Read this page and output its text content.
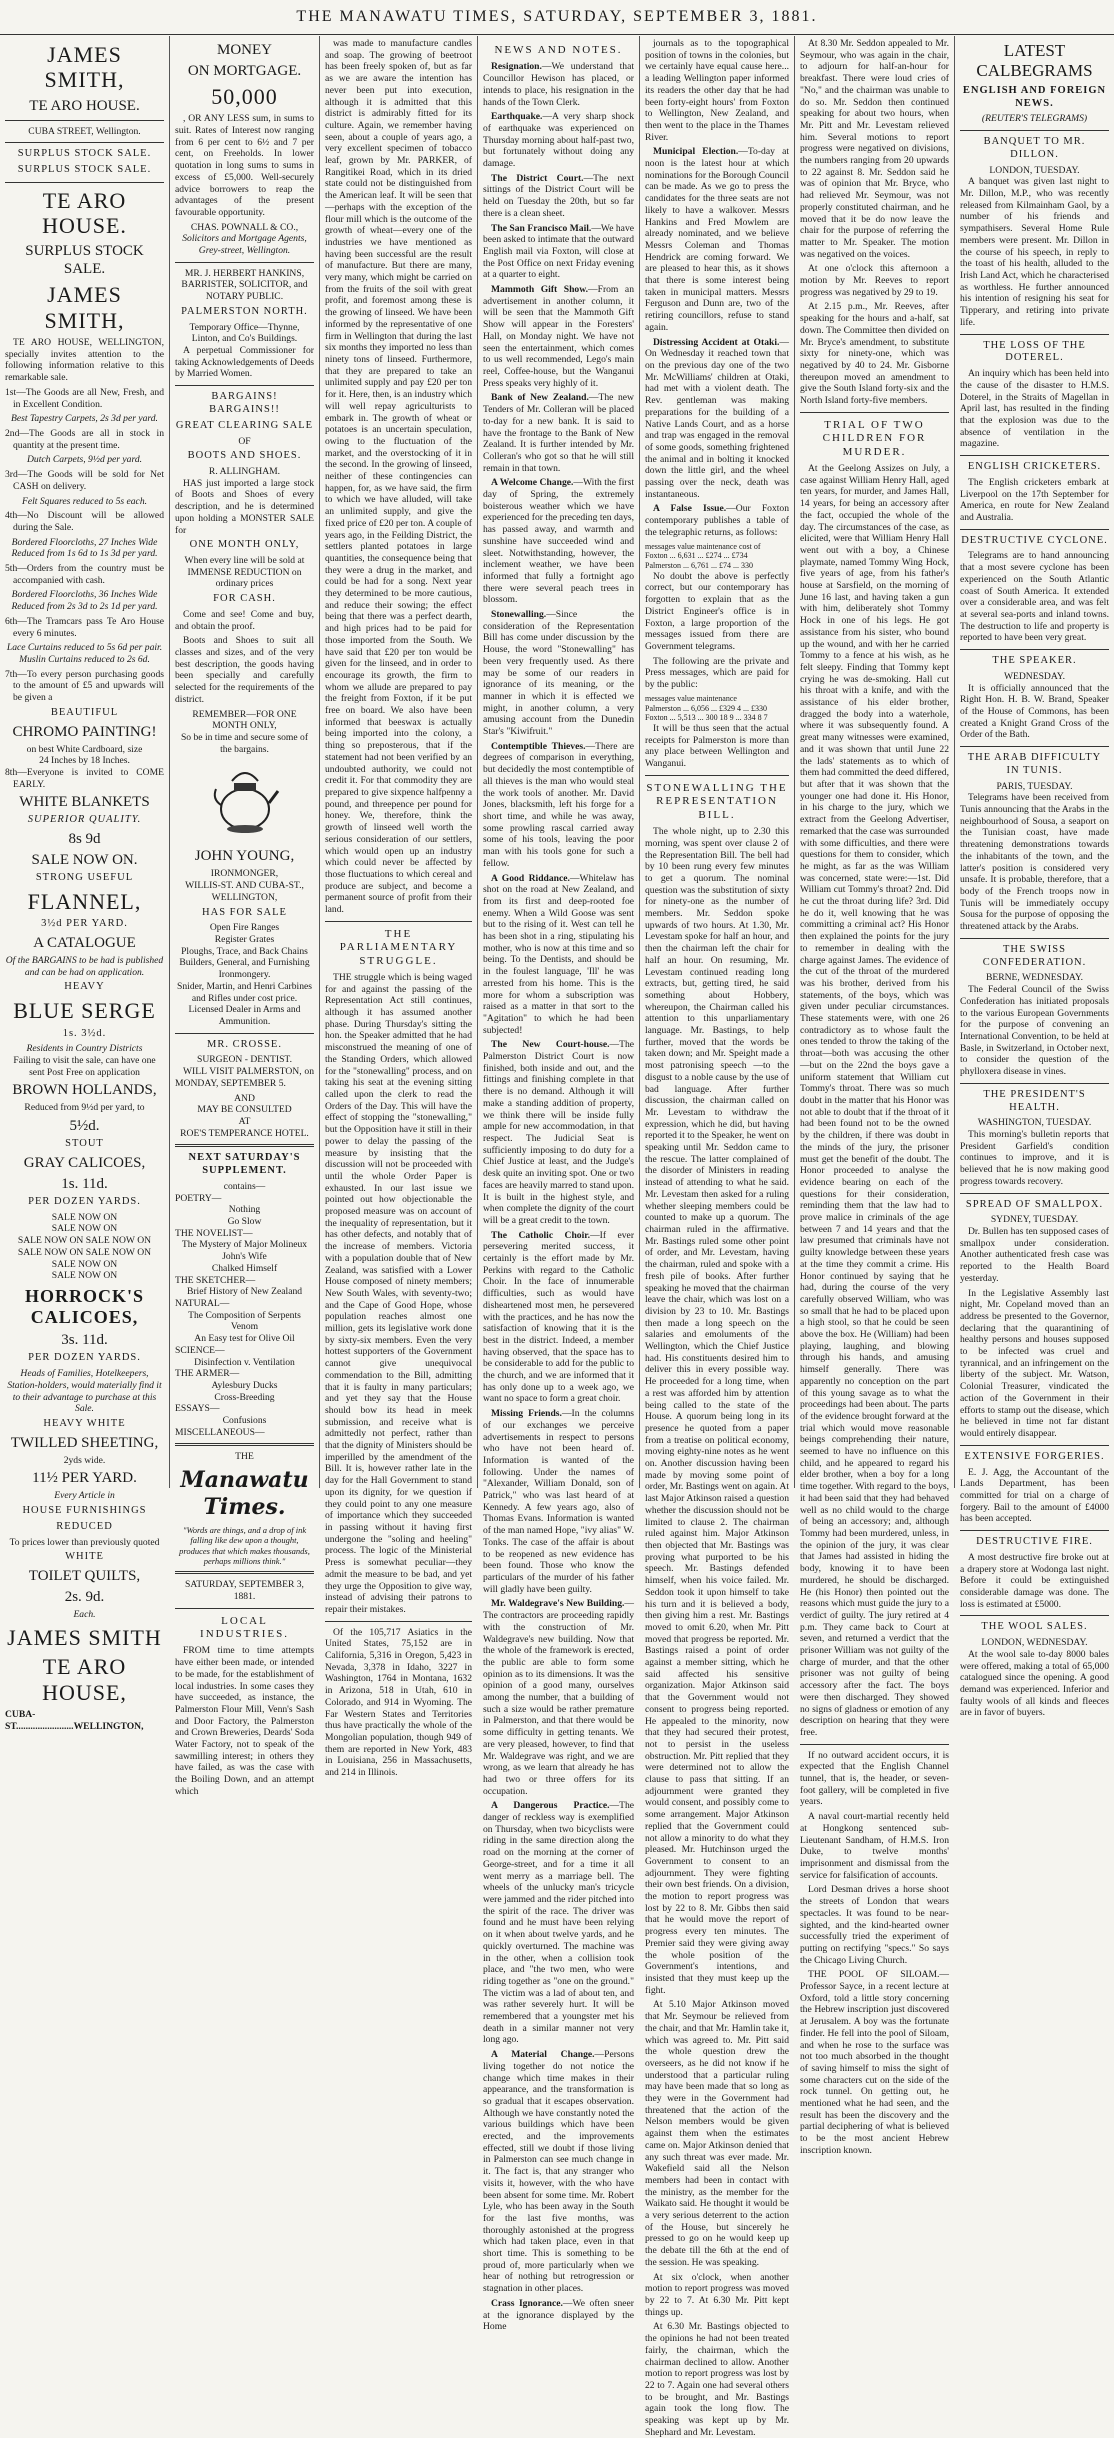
THE MANAWATU TIMES, SATURDAY, SEPTEMBER 3, 1881.
JAMES SMITH,
TE ARO HOUSE.
CUBA STREET, Wellington.
SURPLUS STOCK SALE.
SURPLUS STOCK SALE.
TE ARO HOUSE.
SURPLUS STOCK SALE.
JAMES SMITH,

TE ARO HOUSE, WELLINGTON, specially invites attention to the following information relative to this remarkable sale.

1st—The Goods are all New, Fresh, and in Excellent Condition.

Best Tapestry Carpets, 2s 3d per yard.

2nd—The Goods are all in stock in quantity at the present time.

Dutch Carpets, 9½d per yard.

3rd—The Goods will be sold for Net CASH on delivery.

Felt Squares reduced to 5s each.

4th—No Discount will be allowed during the Sale.

Bordered Floorcloths, 27 Inches Wide Reduced from 1s 6d to 1s 3d per yard.

5th—Orders from the country must be accompanied with cash.

Bordered Floorcloths, 36 Inches Wide Reduced from 2s 3d to 2s 1d per yard.

6th—The Tramcars pass Te Aro House every 6 minutes.

Lace Curtains reduced to 5s 6d per pair. Muslin Curtains reduced to 2s 6d.

7th—To every person purchasing goods to the amount of £5 and upwards will be given a

BEAUTIFUL
CHROMO PAINTING!
on best White Cardboard, size
24 Inches by 18 Inches.

8th—Everyone is invited to COME EARLY.

WHITE BLANKETS
SUPERIOR QUALITY.
8s 9d
SALE NOW ON.
STRONG USEFUL
FLANNEL,
3½d PER YARD.
A CATALOGUE
Of the BARGAINS to be had is published and can be had on application.
HEAVY
BLUE SERGE
1s. 3½d.
Residents in Country Districts
Failing to visit the sale, can have one sent Post Free on application
BROWN HOLLANDS,
Reduced from 9½d per yard, to
5½d.
STOUT
GRAY CALICOES,
1s. 11d.
PER DOZEN YARDS.
SALE NOW ON
SALE NOW ON
SALE NOW ON SALE NOW ON
SALE NOW ON SALE NOW ON
SALE NOW ON
SALE NOW ON
HORROCK'S CALICOES,
3s. 11d.
PER DOZEN YARDS.
Heads of Families, Hotelkeepers, Station-holders, would materially find it to their advantage to purchase at this Sale.
HEAVY WHITE
TWILLED SHEETING,
2yds wide.
11½ PER YARD.
Every Article in
HOUSE FURNISHINGS
REDUCED
To prices lower than previously quoted
WHITE
TOILET QUILTS,
2s. 9d.
Each.
JAMES SMITH
TE ARO HOUSE,
CUBA-ST........................WELLINGTON,
MONEY
ON MORTGAGE.
50,000

, OR ANY LESS sum, in sums to suit. Rates of Interest now ranging from 6 per cent to 6½ and 7 per cent, on Freeholds. In lower quotation in long sums to sums in excess of £5,000. Well-securely advice borrowers to reap the advantages of the present favourable opportunity.

CHAS. POWNALL & CO.,
Solicitors and Mortgage Agents, Grey-street, Wellington.
MR. J. HERBERT HANKINS,
BARRISTER, SOLICITOR, and NOTARY PUBLIC.
PALMERSTON NORTH.
Temporary Office—Thynne, Linton, and Co's Buildings.

A perpetual Commissioner for taking Acknowledgements of Deeds by Married Women.

BARGAINS! BARGAINS!!
GREAT CLEARING SALE
OF
BOOTS AND SHOES.
R. ALLINGHAM.

HAS just imported a large stock of Boots and Shoes of every description, and he is determined upon holding a MONSTER SALE for

ONE MONTH ONLY,
When every line will be sold at IMMENSE REDUCTION on ordinary prices
FOR CASH.

Come and see! Come and buy, and obtain the proof.

Boots and Shoes to suit all classes and sizes, and of the very best description, the goods having been specially and carefully selected for the requirements of the district.

REMEMBER—FOR ONE MONTH ONLY,
So be in time and secure some of the bargains.
JOHN YOUNG,
IRONMONGER,
WILLIS-ST. AND CUBA-ST.,
WELLINGTON,
HAS FOR SALE
Open Fire Ranges
Register Grates
Ploughs, Trace, and Back Chains
Builders, General, and Furnishing Ironmongery.
Snider, Martin, and Henri Carbines and Rifles under cost price.
Licensed Dealer in Arms and Ammunition.
MR. CROSSE.
SURGEON - DENTIST.

WILL VISIT PALMERSTON, on MONDAY, SEPTEMBER 5.

AND
MAY BE CONSULTED
AT
ROE'S TEMPERANCE HOTEL.
NEXT SATURDAY'S SUPPLEMENT.
contains—
POETRY—
Nothing
Go Slow
THE NOVELIST—
The Mystery of Major Molineux
John's Wife
Chalked Himself
THE SKETCHER—
Brief History of New Zealand
NATURAL—
The Composition of Serpents Venom
An Easy test for Olive Oil
SCIENCE—
Disinfection v. Ventilation
THE ARMER—
Aylesbury Ducks
Cross-Breeding
ESSAYS—
Confusions
MISCELLANEOUS—
THE
Manawatu Times.
"Words are things, and a drop of ink falling like dew upon a thought, produces that which makes thousands, perhaps millions think."
SATURDAY, SEPTEMBER 3, 1881.
LOCAL INDUSTRIES.

FROM time to time attempts have either been made, or intended to be made, for the establishment of local industries. In some cases they have succeeded, as instance, the Palmerston Flour Mill, Venn's Sash and Door Factory, the Palmerston and Crown Breweries, Deards' Soda Water Factory, not to speak of the sawmilling interest; in others they have failed, as was the case with the Boiling Down, and an attempt which

was made to manufacture candles and soap. The growing of beetroot has been freely spoken of, but as far as we are aware the intention has never been put into execution, although it is admitted that this district is admirably fitted for its culture. Again, we remember having seen, about a couple of years ago, a very excellent specimen of tobacco leaf, grown by Mr. PARKER, of Rangitikei Road, which in its dried state could not be distinguished from the American leaf. It will be seen that—perhaps with the exception of the flour mill which is the outcome of the growth of wheat—every one of the industries we have mentioned as having been successful are the result of manufacture. But there are many, very many, which might be carried on from the fruits of the soil with great profit, and foremost among these is the growing of linseed. We have been informed by the representative of one firm in Wellington that during the last six months they imported no less than ninety tons of linseed. Furthermore, that they are prepared to take an unlimited supply and pay £20 per ton for it. Here, then, is an industry which will well repay agriculturists to embark in. The growth of wheat or potatoes is an uncertain speculation, owing to the fluctuation of the market, and the overstocking of it in the second. In the growing of linseed, neither of these contingencies can happen, for, as we have said, the firm to which we have alluded, will take an unlimited supply, and give the fixed price of £20 per ton. A couple of years ago, in the Feilding District, the settlers planted potatoes in large quantities, the consequence being that they were a drug in the market, and could be had for a song. Next year they determined to be more cautious, and reduce their sowing; the effect being that there was a perfect dearth, and high prices had to be paid for those imported from the South. We have said that £20 per ton would be given for the linseed, and in order to encourage its growth, the firm to whom we allude are prepared to pay the freight from Foxton, if it be put free on board. We also have been informed that beeswax is actually being imported into the colony, a thing so preposterous, that if the statement had not been verified by an undoubted authority, we could not credit it. For that commodity they are prepared to give sixpence halfpenny a pound, and threepence per pound for honey. We, therefore, think the growth of linseed well worth the serious consideration of our settlers, which would open up an industry which could never be affected by those fluctuations to which cereal and produce are subject, and become a permanent source of profit from their land.

THE PARLIAMENTARY STRUGGLE.

THE struggle which is being waged for and against the passing of the Representation Act still continues, although it has assumed another phase. During Thursday's sitting the hon. the Speaker admitted that he had misconstrued the meaning of one of the Standing Orders, which allowed for the "stonewalling" process, and on taking his seat at the evening sitting called upon the clerk to read the Orders of the Day. This will have the effect of stopping the "stonewalling," but the Opposition have it still in their power to delay the passing of the measure by insisting that the discussion will not be proceeded with until the whole Order Paper is exhausted. In our last issue we pointed out how objectionable the proposed measure was on account of the inequality of representation, but it has other defects, and notably that of the increase of members. Victoria with a population double that of New Zealand, was satisfied with a Lower House composed of ninety members; New South Wales, with seventy-two; and the Cape of Good Hope, whose population reaches almost one million, gets its legislative work done by sixty-six members. Even the very hottest supporters of the Government cannot give unequivocal commendation to the Bill, admitting that it is faulty in many particulars; and yet they say that the House should bow its head in meek submission, and receive what is admittedly not perfect, rather than that the dignity of Ministers should be imperilled by the amendment of the Bill. It is, however rather late in the day for the Hall Government to stand upon its dignity, for we question if they could point to any one measure of importance which they succeeded in passing without it having first undergone the "soling and heeling" process. The logic of the Ministerial Press is somewhat peculiar—they admit the measure to be bad, and yet they urge the Opposition to give way, instead of advising their patrons to repair their mistakes.

Of the 105,717 Asiatics in the United States, 75,152 are in California, 5,316 in Oregon, 5,423 in Nevada, 3,378 in Idaho, 3227 in Washington, 1764 in Montana, 1632 in Arizona, 518 in Utah, 610 in Colorado, and 914 in Wyoming. The Far Western States and Territories thus have practically the whole of the Mongolian population, though 949 of them are reported in New York, 483 in Louisiana, 256 in Massachusetts, and 214 in Illinois.

NEWS AND NOTES.

Resignation.—We understand that Councillor Hewison has placed, or intends to place, his resignation in the hands of the Town Clerk.

Earthquake.—A very sharp shock of earthquake was experienced on Thursday morning about half-past two, but fortunately without doing any damage.

The District Court.—The next sittings of the District Court will be held on Tuesday the 20th, but so far there is a clean sheet.

The San Francisco Mail.—We have been asked to intimate that the outward English mail via Foxton, will close at the Post Office on next Friday evening at a quarter to eight.

Mammoth Gift Show.—From an advertisement in another column, it will be seen that the Mammoth Gift Show will appear in the Foresters' Hall, on Monday night. We have not seen the entertainment, which comes to us well recommended, Lego's main reel, Coffee-house, but the Wanganui Press speaks very highly of it.

Bank of New Zealand.—The new Tenders of Mr. Colleran will be placed to-day for a new bank. It is said to have the frontage to the Bank of New Zealand. It is further intended by Mr. Colleran's who got so that he will still remain in that town.

A Welcome Change.—With the first day of Spring, the extremely boisterous weather which we have experienced for the preceding ten days, has passed away, and warmth and sunshine have succeeded wind and sleet. Notwithstanding, however, the inclement weather, we have been informed that fully a fortnight ago there were several peach trees in blossom.

Stonewalling.—Since the consideration of the Representation Bill has come under discussion by the House, the word "Stonewalling" has been very frequently used. As there may be some of our readers in ignorance of its meaning, or the manner in which it is effected we might, in another column, a very amusing account from the Dunedin Star's "Kiwifruit."

Contemptible Thieves.—There are degrees of comparison in everything, but decidedly the most contemptible of all thieves is the man who would steal the work tools of another. Mr. David Jones, blacksmith, left his forge for a short time, and while he was away, some prowling rascal carried away some of his tools, leaving the poor man with his tools gone for such a fellow.

A Good Riddance.—Whitelaw has shot on the road at New Zealand, and from its first and deep-rooted foe enemy. When a Wild Goose was sent but to the rising of it. West can tell he has been shot in a ring, stipulating his mother, who is now at this time and so being. To the Dentists, and should be in the foulest language, 'Ill' he was arrested from his home. This is the more for whom a subscription was raised as a matter in that sort to the "Agitation" to which he had been subjected!

The New Court-house.—The Palmerston District Court is now finished, both inside and out, and the fittings and finishing complete in that there is no demand. Although it will make a standing addition of property, we think there will be inside fully ample for new accommodation, in that respect. The Judicial Seat is sufficiently imposing to do duty for a Chief Justice at least, and the Judge's desk quite an inviting spot. One or two faces are heavily marred to stand upon. It is built in the highest style, and when complete the dignity of the court will be a great credit to the town.

The Catholic Choir.—If ever persevering merited success, it certainly is the effort made by Mr. Perkins with regard to the Catholic Choir. In the face of innumerable difficulties, such as would have disheartened most men, he persevered with the practices, and he has now the satisfaction of knowing that it is the best in the district. Indeed, a member having observed, that the space has to be considerable to add for the public to the church, and we are informed that it has only done up to a week ago, we want no space to form a great choir.

Missing Friends.—In the columns of our exchanges we perceive advertisements in respect to persons who have not been heard of. Information is wanted of the following. Under the names of "Alexander, William Donald, son of Patrick," who was last heard of at Kennedy. A few years ago, also of Thomas Evans. Information is wanted of the man named Hope, "ivy alias" W. Tonks. The case of the affair is about to be reopened as new evidence has been found. Those who know the particulars of the murder of his father will gladly have been guilty.

Mr. Waldegrave's New Building.—The contractors are proceeding rapidly with the construction of Mr. Waldegrave's new building. Now that the whole of the framework is erected, the public are able to form some opinion as to its dimensions. It was the opinion of a good many, ourselves among the number, that a building of such a size would be rather premature in Palmerston, and that there would be some difficulty in getting tenants. We are very pleased, however, to find that Mr. Waldegrave was right, and we are wrong, as we learn that already he has had two or three offers for its occupation.

A Dangerous Practice.—The danger of reckless way is exemplified on Thursday, when two bicyclists were riding in the same direction along the road on the morning at the corner of George-street, and for a time it all went merry as a marriage bell. The wheels of the unlucky man's tricycle were jammed and the rider pitched into the spirit of the race. The driver was found and he must have been relying on it when about twelve yards, and he quickly overturned. The machine was in the other, when a collision took place, and "the two men, who were riding together as "one on the ground." The victim was a lad of about ten, and was rather severely hurt. It will be remembered that a youngster met his death in a similar manner not very long ago.

A Material Change.—Persons living together do not notice the change which time makes in their appearance, and the transformation is so gradual that it escapes observation. Although we have constantly noted the various buildings which have been erected, and the improvements effected, still we doubt if those living in Palmerston can see much change in it. The fact is, that any stranger who visits it, however, with the who have been absent for some time. Mr. Robert Lyle, who has been away in the South for the last five months, was thoroughly astonished at the progress which had taken place, even in that short time. This is something to be proud of, more particularly when we hear of nothing but retrogression or stagnation in other places.

Crass Ignorance.—We often sneer at the ignorance displayed by the Home

journals as to the topographical position of towns in the colonies, but we certainly have equal cause here... a leading Wellington paper informed its readers the other day that he had been forty-eight hours' from Foxton to Wellington, New Zealand, and then went to the place in the Thames River.

Municipal Election.—To-day at noon is the latest hour at which nominations for the Borough Council can be made. As we go to press the candidates for the three seats are not likely to have a walkover. Messrs Hankins and Fred Mowlem are already nominated, and we believe Messrs Coleman and Thomas Hendrick are coming forward. We are pleased to hear this, as it shows that there is some interest being taken in municipal matters. Messrs Ferguson and Dunn are, two of the retiring councillors, refuse to stand again.

Distressing Accident at Otaki.—On Wednesday it reached town that on the previous day one of the two Mr. McWilliams' children at Otaki, had met with a violent death. The Rev. gentleman was making preparations for the building of a Native Lands Court, and as a horse and trap was engaged in the removal of some goods, something frightened the animal and in bolting it knocked down the little girl, and the wheel passing over the neck, death was instantaneous.

A False Issue.—Our Foxton contemporary publishes a table of the telegraphic returns, as follows:

messages value maintenance cost of
Foxton ... 6,631 ... £274 ... £734
Palmerston ... 6,761 ... £74 ... 330

No doubt the above is perfectly correct, but our contemporary has forgotten to explain that as the District Engineer's office is in Foxton, a large proportion of the messages issued from there are Government telegrams.

The following are the private and Press messages, which are paid for by the public:

messages value maintenance
Palmerston ... 6,056 ... £329 4 ... £330
Foxton ... 5,513 ... 300 18 9 ... 334 8 7

It will be thus seen that the actual receipts for Palmerston is more than any place between Wellington and Wanganui.

STONEWALLING THE REPRESENTATION BILL.

The whole night, up to 2.30 this morning, was spent over clause 2 of the Representation Bill. The bell had by 10 been rung every few minutes to get a quorum. The nominal question was the substitution of sixty for ninety-one as the number of members. Mr. Seddon spoke upwards of two hours. At 1.30, Mr. Levestam spoke for half an hour, and then the chairman left the chair for half an hour. On resuming, Mr. Levestam continued reading long extracts, but, getting tired, he said something about Hobbery, whereupon, the Chairman called his attention to this unparliamentary language. Mr. Bastings, to help further, moved that the words be taken down; and Mr. Speight made a most patronising speech —to the disgust to a noble cause by the use of bad language. After further discussion, the chairman called on Mr. Levestam to withdraw the expression, which he did, but having reported it to the Speaker, he went on speaking until Mr. Seddon came to the rescue. The latter complained of the disorder of Ministers in reading instead of attending to what he said. Mr. Levestam then asked for a ruling whether sleeping members could be counted to make up a quorum. The chairman ruled in the affirmative. Mr. Bastings ruled some other point of order, and Mr. Levestam, having the chairman, ruled and spoke with a fresh pile of books. After further speaking he moved that the chairman leave the chair, which was lost on a division by 23 to 10. Mr. Bastings then made a long speech on the salaries and emoluments of the Wellington, which the Chief Justice had. His constituents desired him to deliver this in every possible way. He proceeded for a long time, when a rest was afforded him by attention being called to the state of the House. A quorum being long in its presence he quoted from a paper from a treatise on political economy, moving eighty-nine notes as he went on. Another discussion having been made by moving some point of order, Mr. Bastings went on again. At last Major Atkinson raised a question whether the discussion should not be limited to clause 2. The chairman ruled against him. Major Atkinson then objected that Mr. Bastings was proving what purported to be his speech. Mr. Bastings defended himself, when his voice failed. Mr. Seddon took it upon himself to take his turn and it is believed a body, then giving him a rest. Mr. Bastings moved to omit 6.20, when Mr. Pitt moved that progress be reported. Mr. Bastings raised a point of order against a member sitting, which he said affected his sensitive organization. Major Atkinson said that the Government would not consent to progress being reported. He appealed to the minority, now that they had secured their protest, not to persist in the useless obstruction. Mr. Pitt replied that they were determined not to allow the clause to pass that sitting. If an adjournment were granted they would consent, and possibly come to some arrangement. Major Atkinson replied that the Government could not allow a minority to do what they pleased. Mr. Hutchinson urged the Government to consent to an adjournment. They were fighting their own best friends. On a division, the motion to report progress was lost by 22 to 8. Mr. Gibbs then said that he would move the report of progress every ten minutes. The Premier said they were giving away the whole position of the Government's intentions, and insisted that they must keep up the fight.

At 5.10 Major Atkinson moved that Mr. Seymour be relieved from the chair, and that Mr. Hamlin take it, which was agreed to. Mr. Pitt said the whole question drew the overseers, as he did not know if he understood that a particular ruling may have been made that so long as they were in the Government had threatened that the action of the Nelson members would be given against them when the estimates came on. Major Atkinson denied that any such threat was ever made. Mr. Wakefield said all the Nelson members had been in contact with the ministry, as the member for the Waikato said. He thought it would be a very serious deterrent to the action of the House, but sincerely he pressed to go on he would keep up the debate till the 6th at the end of the session. He was speaking.

At six o'clock, when another motion to report progress was moved by 22 to 7. At 6.30 Mr. Pitt kept things up.

At 6.30 Mr. Bastings objected to the opinions he had not been treated fairly, the chairman, which the chairman declined to allow. Another motion to report progress was lost by 22 to 7. Again one had several others to be brought, and Mr. Bastings again took the long flow. The speaking was kept up by Mr. Shephard and Mr. Levestam.

At 8.30 Mr. Seddon appealed to Mr. Seymour, who was again in the chair, to adjourn for half-an-hour for breakfast. There were loud cries of "No," and the chairman was unable to do so. Mr. Seddon then continued speaking for about two hours, when Mr. Pitt and Mr. Levestam relieved him. Several motions to report progress were negatived on divisions, the numbers ranging from 20 upwards to 22 against 8. Mr. Seddon said he was of opinion that Mr. Bryce, who had relieved Mr. Seymour, was not properly constituted chairman, and he moved that it be do now leave the chair for the purpose of referring the matter to Mr. Speaker. The motion was negatived on the voices.

At one o'clock this afternoon a motion by Mr. Reeves to report progress was negatived by 29 to 19.

At 2.15 p.m., Mr. Reeves, after speaking for the hours and a-half, sat down. The Committee then divided on Mr. Bryce's amendment, to substitute sixty for ninety-one, which was negatived by 40 to 24. Mr. Gisborne thereupon moved an amendment to give the South Island forty-six and the North Island forty-five members.

TRIAL OF TWO CHILDREN FOR MURDER.

At the Geelong Assizes on July, a case against William Henry Hall, aged ten years, for murder, and James Hall, 14 years, for being an accessory after the fact, occupied the whole of the day. The circumstances of the case, as elicited, were that William Henry Hall went out with a boy, a Chinese playmate, named Tommy Wing Hock, five years of age, from his father's house at Sarsfield, on the morning of June 16 last, and having taken a gun with him, deliberately shot Tommy Hock in one of his legs. He got assistance from his sister, who bound up the wound, and with her he carried Tommy to a fence at his wish, as he felt sleepy. Finding that Tommy kept crying he was de-smoking. Hall cut his throat with a knife, and with the assistance of his elder brother, dragged the body into a waterhole, where it was subsequently found. A great many witnesses were examined, and it was shown that until June 22 the lads' statements as to which of them had committed the deed differed, but after that it was shown that the younger one had done it. His Honor, in his charge to the jury, which we extract from the Geelong Advertiser, remarked that the case was surrounded with some difficulties, and there were questions for them to consider, which he might, as far as the was William was concerned, state were:—1st. Did William cut Tommy's throat? 2nd. Did he cut the throat during life? 3rd. Did he do it, well knowing that he was committing a criminal act? His Honor then explained the points for the jury to remember in dealing with the charge against James. The evidence of the cut of the throat of the murdered was his brother, derived from his statements, of the boys, which was given under peculiar circumstances. These statements were, with one 26 contradictory as to whose fault the ones tended to throw the taking of the throat—both was accusing the other —but on the 22nd the boys gave a uniform statement that William cut Tommy's throat. There was so much doubt in the matter that his Honor was not able to doubt that if the throat of it had been found not to be the owned by the children, if there was doubt in the minds of the jury, the prisoner must get the benefit of the doubt. The Honor proceeded to analyse the evidence bearing on each of the questions for their consideration, reminding them that the law had to prove malice in criminals of the age between 7 and 14 years and that the law presumed that criminals have not guilty knowledge between these years at the time they commit a crime. His Honor continued by saying that he had, during the course of the very carefully observed William, who was so small that he had to be placed upon a high stool, so that he could be seen above the box. He (William) had been playing, laughing, and blowing through his hands, and amusing himself generally. There was apparently no conception on the part of this young savage as to what the proceedings had been about. The parts of the evidence brought forward at the trial which would move reasonable beings comprehending their nature, seemed to have no influence on this child, and he appeared to regard his elder brother, when a boy for a long time together. With regard to the boys, it had been said that they had behaved well as no child would to the charge of being an accessory; and, although Tommy had been murdered, unless, in the opinion of the jury, it was clear that James had assisted in hiding the body, knowing it to have been murdered, he should be discharged. He (his Honor) then pointed out the reasons which must guide the jury to a verdict of guilty. The jury retired at 4 p.m. They came back to Court at seven, and returned a verdict that the prisoner William was not guilty of the charge of murder, and that the other prisoner was not guilty of being accessory after the fact. The boys were then discharged. They showed no signs of gladness or emotion of any description on hearing that they were free.

If no outward accident occurs, it is expected that the English Channel tunnel, that is, the header, or seven-foot gallery, will be completed in five years.

A naval court-martial recently held at Hongkong sentenced sub-Lieutenant Sandham, of H.M.S. Iron Duke, to twelve months' imprisonment and dismissal from the service for falsification of accounts.

Lord Desman drives a horse shoot the streets of London that wears spectacles. It was found to be near-sighted, and the kind-hearted owner successfully tried the experiment of putting on rectifying "specs." So says the Chicago Living Church.

THE POOL OF SILOAM.—Professor Sayce, in a recent lecture at Oxford, told a little story concerning the Hebrew inscription just discovered at Jerusalem. A boy was the fortunate finder. He fell into the pool of Siloam, and when he rose to the surface was not too much absorbed in the thought of saving himself to miss the sight of some characters cut on the side of the rock tunnel. On getting out, he mentioned what he had seen, and the result has been the discovery and the partial deciphering of what is believed to be the most ancient Hebrew inscription known.

LATEST CALBEGRAMS
ENGLISH AND FOREIGN NEWS.
(REUTER'S TELEGRAMS)
BANQUET TO MR. DILLON.
LONDON, TUESDAY.

A banquet was given last night to Mr. Dillon, M.P., who was recently released from Kilmainham Gaol, by a number of his friends and sympathisers. Several Home Rule members were present. Mr. Dillon in the course of his speech, in reply to the toast of his health, alluded to the Irish Land Act, which he characterised as worthless. He further announced his intention of resigning his seat for Tipperary, and retiring into private life.

THE LOSS OF THE DOTEREL.

An inquiry which has been held into the cause of the disaster to H.M.S. Doterel, in the Straits of Magellan in April last, has resulted in the finding that the explosion was due to the absence of ventilation in the magazine.

ENGLISH CRICKETERS.

The English cricketers embark at Liverpool on the 17th September for America, en route for New Zealand and Australia.

DESTRUCTIVE CYCLONE.

Telegrams are to hand announcing that a most severe cyclone has been experienced on the South Atlantic coast of South America. It extended over a considerable area, and was felt at several sea-ports and inland towns. The destruction to life and property is reported to have been very great.

THE SPEAKER.
WEDNESDAY.

It is officially announced that the Right Hon. H. B. W. Brand, Speaker of the House of Commons, has been created a Knight Grand Cross of the Order of the Bath.

THE ARAB DIFFICULTY IN TUNIS.
PARIS, TUESDAY.

Telegrams have been received from Tunis announcing that the Arabs in the neighbourhood of Sousa, a seaport on the Tunisian coast, have made threatening demonstrations towards the inhabitants of the town, and the latter's position is considered very unsafe. It is probable, therefore, that a body of the French troops now in Tunis will be immediately occupy Sousa for the purpose of opposing the threatened attack by the Arabs.

THE SWISS CONFEDERATION.
BERNE, WEDNESDAY.

The Federal Council of the Swiss Confederation has initiated proposals to the various European Governments for the purpose of convening an International Convention, to be held at Basle, in Switzerland, in October next, to consider the question of the phylloxera disease in vines.

THE PRESIDENT'S HEALTH.
WASHINGTON, TUESDAY.

This morning's bulletin reports that President Garfield's condition continues to improve, and it is believed that he is now making good progress towards recovery.

SPREAD OF SMALLPOX.
SYDNEY, TUESDAY.

Dr. Bullen has ten supposed cases of smallpox under consideration. Another authenticated fresh case was reported to the Health Board yesterday.

In the Legislative Assembly last night, Mr. Copeland moved than an address be presented to the Governor, declaring that the quarantining of healthy persons and houses supposed to be infected was cruel and tyrannical, and an infringement on the liberty of the subject. Mr. Watson, Colonial Treasurer, vindicated the action of the Government in their efforts to stamp out the disease, which he believed in time not far distant would entirely disappear.

EXTENSIVE FORGERIES.

E. J. Agg, the Accountant of the Lands Department, has been committed for trial on a charge of forgery. Bail to the amount of £4000 has been accepted.

DESTRUCTIVE FIRE.

A most destructive fire broke out at a drapery store at Wodonga last night. Before it could be extinguished considerable damage was done. The loss is estimated at £5000.

THE WOOL SALES.
LONDON, WEDNESDAY.

At the wool sale to-day 8000 bales were offered, making a total of 65,000 catalogued since the opening. A good demand was experienced. Inferior and faulty wools of all kinds and fleeces are in favor of buyers.
